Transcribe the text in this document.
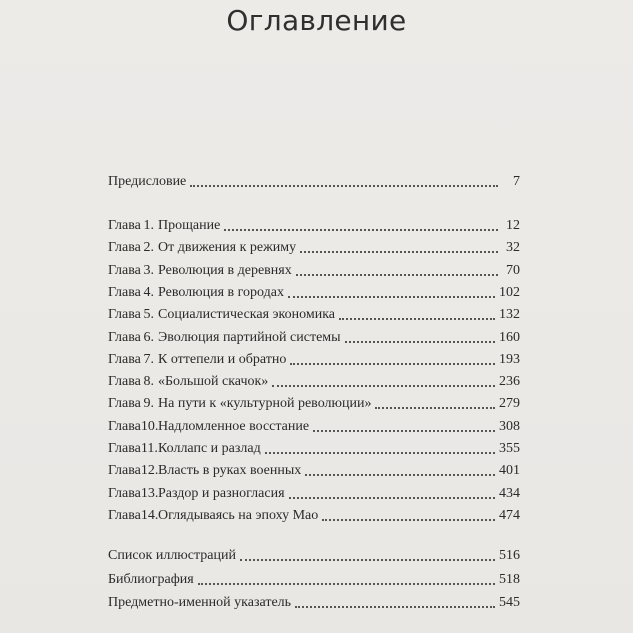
Оглавление
Предисловие	7
Глава 1. Прощание	12
Глава 2. От движения к режиму	32
Глава 3. Революция в деревнях	70
Глава 4. Революция в городах	102
Глава 5. Социалистическая экономика	132
Глава 6. Эволюция партийной системы	160
Глава 7. К оттепели и обратно	193
Глава 8. «Большой скачок»	236
Глава 9. На пути к «культурной революции»	279
Глава 10. Надломленное восстание	308
Глава 11. Коллапс и разлад	355
Глава 12. Власть в руках военных	401
Глава 13. Раздор и разногласия	434
Глава 14. Оглядываясь на эпоху Мао	474
Список иллюстраций	516
Библиография	518
Предметно-именной указатель	545
